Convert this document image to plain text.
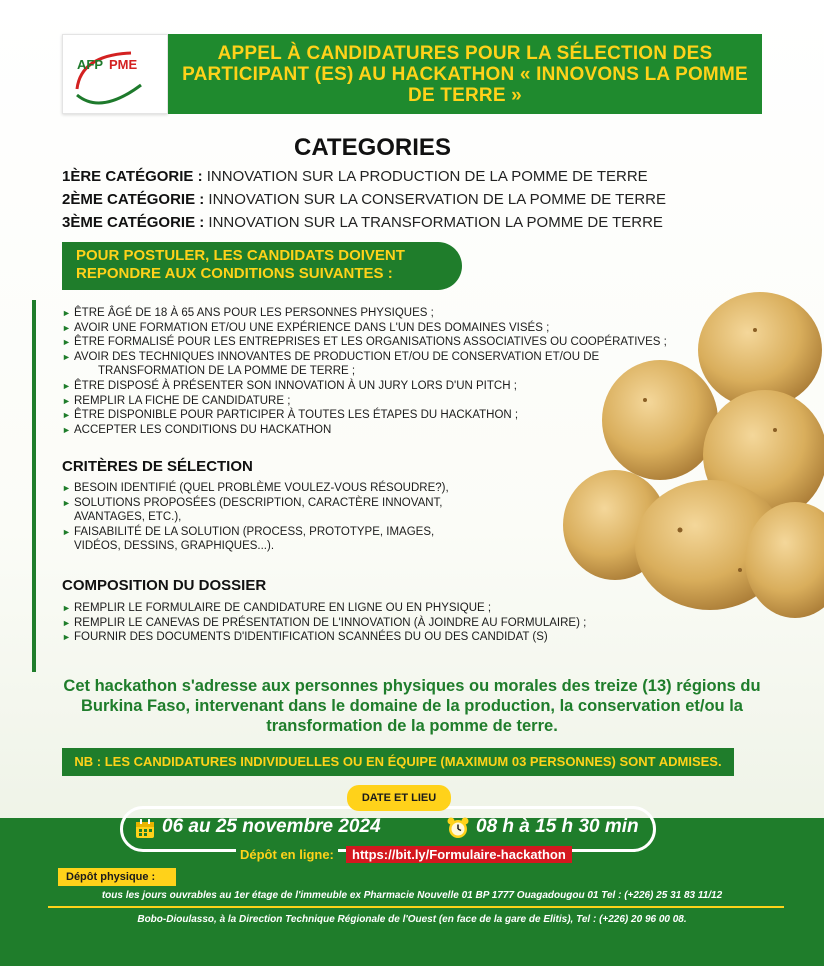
AFP PME
APPEL À CANDIDATURES POUR LA SÉLECTION DES PARTICIPANT (ES) AU HACKATHON « INNOVONS LA POMME DE TERRE »
CATEGORIES
1ÈRE CATÉGORIE : INNOVATION SUR LA PRODUCTION DE LA POMME DE TERRE
2ÈME CATÉGORIE : INNOVATION SUR LA CONSERVATION DE LA POMME DE TERRE
3ÈME CATÉGORIE : INNOVATION SUR LA TRANSFORMATION LA POMME DE TERRE
POUR POSTULER, LES CANDIDATS DOIVENT
REPONDRE AUX CONDITIONS SUIVANTES :
► ÊTRE ÂGÉ DE 18 À 65 ANS POUR LES PERSONNES PHYSIQUES ;
► AVOIR UNE FORMATION ET/OU UNE EXPÉRIENCE DANS L'UN DES DOMAINES VISÉS ;
► ÊTRE FORMALISÉ POUR LES ENTREPRISES ET LES ORGANISATIONS ASSOCIATIVES OU COOPÉRATIVES ;
► AVOIR DES TECHNIQUES INNOVANTES DE PRODUCTION ET/OU DE CONSERVATION ET/OU DE
TRANSFORMATION DE LA POMME DE TERRE ;
► ÊTRE DISPOSÉ À PRÉSENTER SON INNOVATION À UN JURY LORS D'UN PITCH ;
► REMPLIR LA FICHE DE CANDIDATURE ;
► ÊTRE DISPONIBLE POUR PARTICIPER À TOUTES LES ÉTAPES DU HACKATHON ;
► ACCEPTER LES CONDITIONS DU HACKATHON
CRITÈRES DE SÉLECTION
► BESOIN IDENTIFIÉ (QUEL PROBLÈME VOULEZ-VOUS RÉSOUDRE?),
► SOLUTIONS PROPOSÉES (DESCRIPTION, CARACTÈRE INNOVANT,
AVANTAGES, ETC.),
► FAISABILITÉ DE LA SOLUTION (PROCESS, PROTOTYPE, IMAGES,
VIDÉOS, DESSINS, GRAPHIQUES...).
COMPOSITION DU DOSSIER
► REMPLIR LE FORMULAIRE DE CANDIDATURE EN LIGNE OU EN PHYSIQUE ;
► REMPLIR LE CANEVAS DE PRÉSENTATION DE L'INNOVATION (À JOINDRE AU FORMULAIRE) ;
► FOURNIR DES DOCUMENTS D'IDENTIFICATION SCANNÉES DU OU DES CANDIDAT (S)
Cet hackathon s'adresse aux personnes physiques ou morales des treize (13) régions du Burkina Faso, intervenant dans le domaine de la production, la conservation et/ou la transformation de la pomme de terre.
NB : LES CANDIDATURES INDIVIDUELLES OU EN ÉQUIPE (MAXIMUM 03 PERSONNES) SONT ADMISES.
DATE ET LIEU
06 au 25 novembre 2024	08 h à 15 h 30 min
Dépôt en ligne:	https://bit.ly/Formulaire-hackathon
Dépôt physique :
tous les jours ouvrables au 1er étage de l'immeuble ex Pharmacie Nouvelle 01 BP 1777 Ouagadougou 01 Tel : (+226) 25 31 83 11/12
Bobo-Dioulasso, à la Direction Technique Régionale de l'Ouest (en face de la gare de Elitis), Tel : (+226) 20 96 00 08.
